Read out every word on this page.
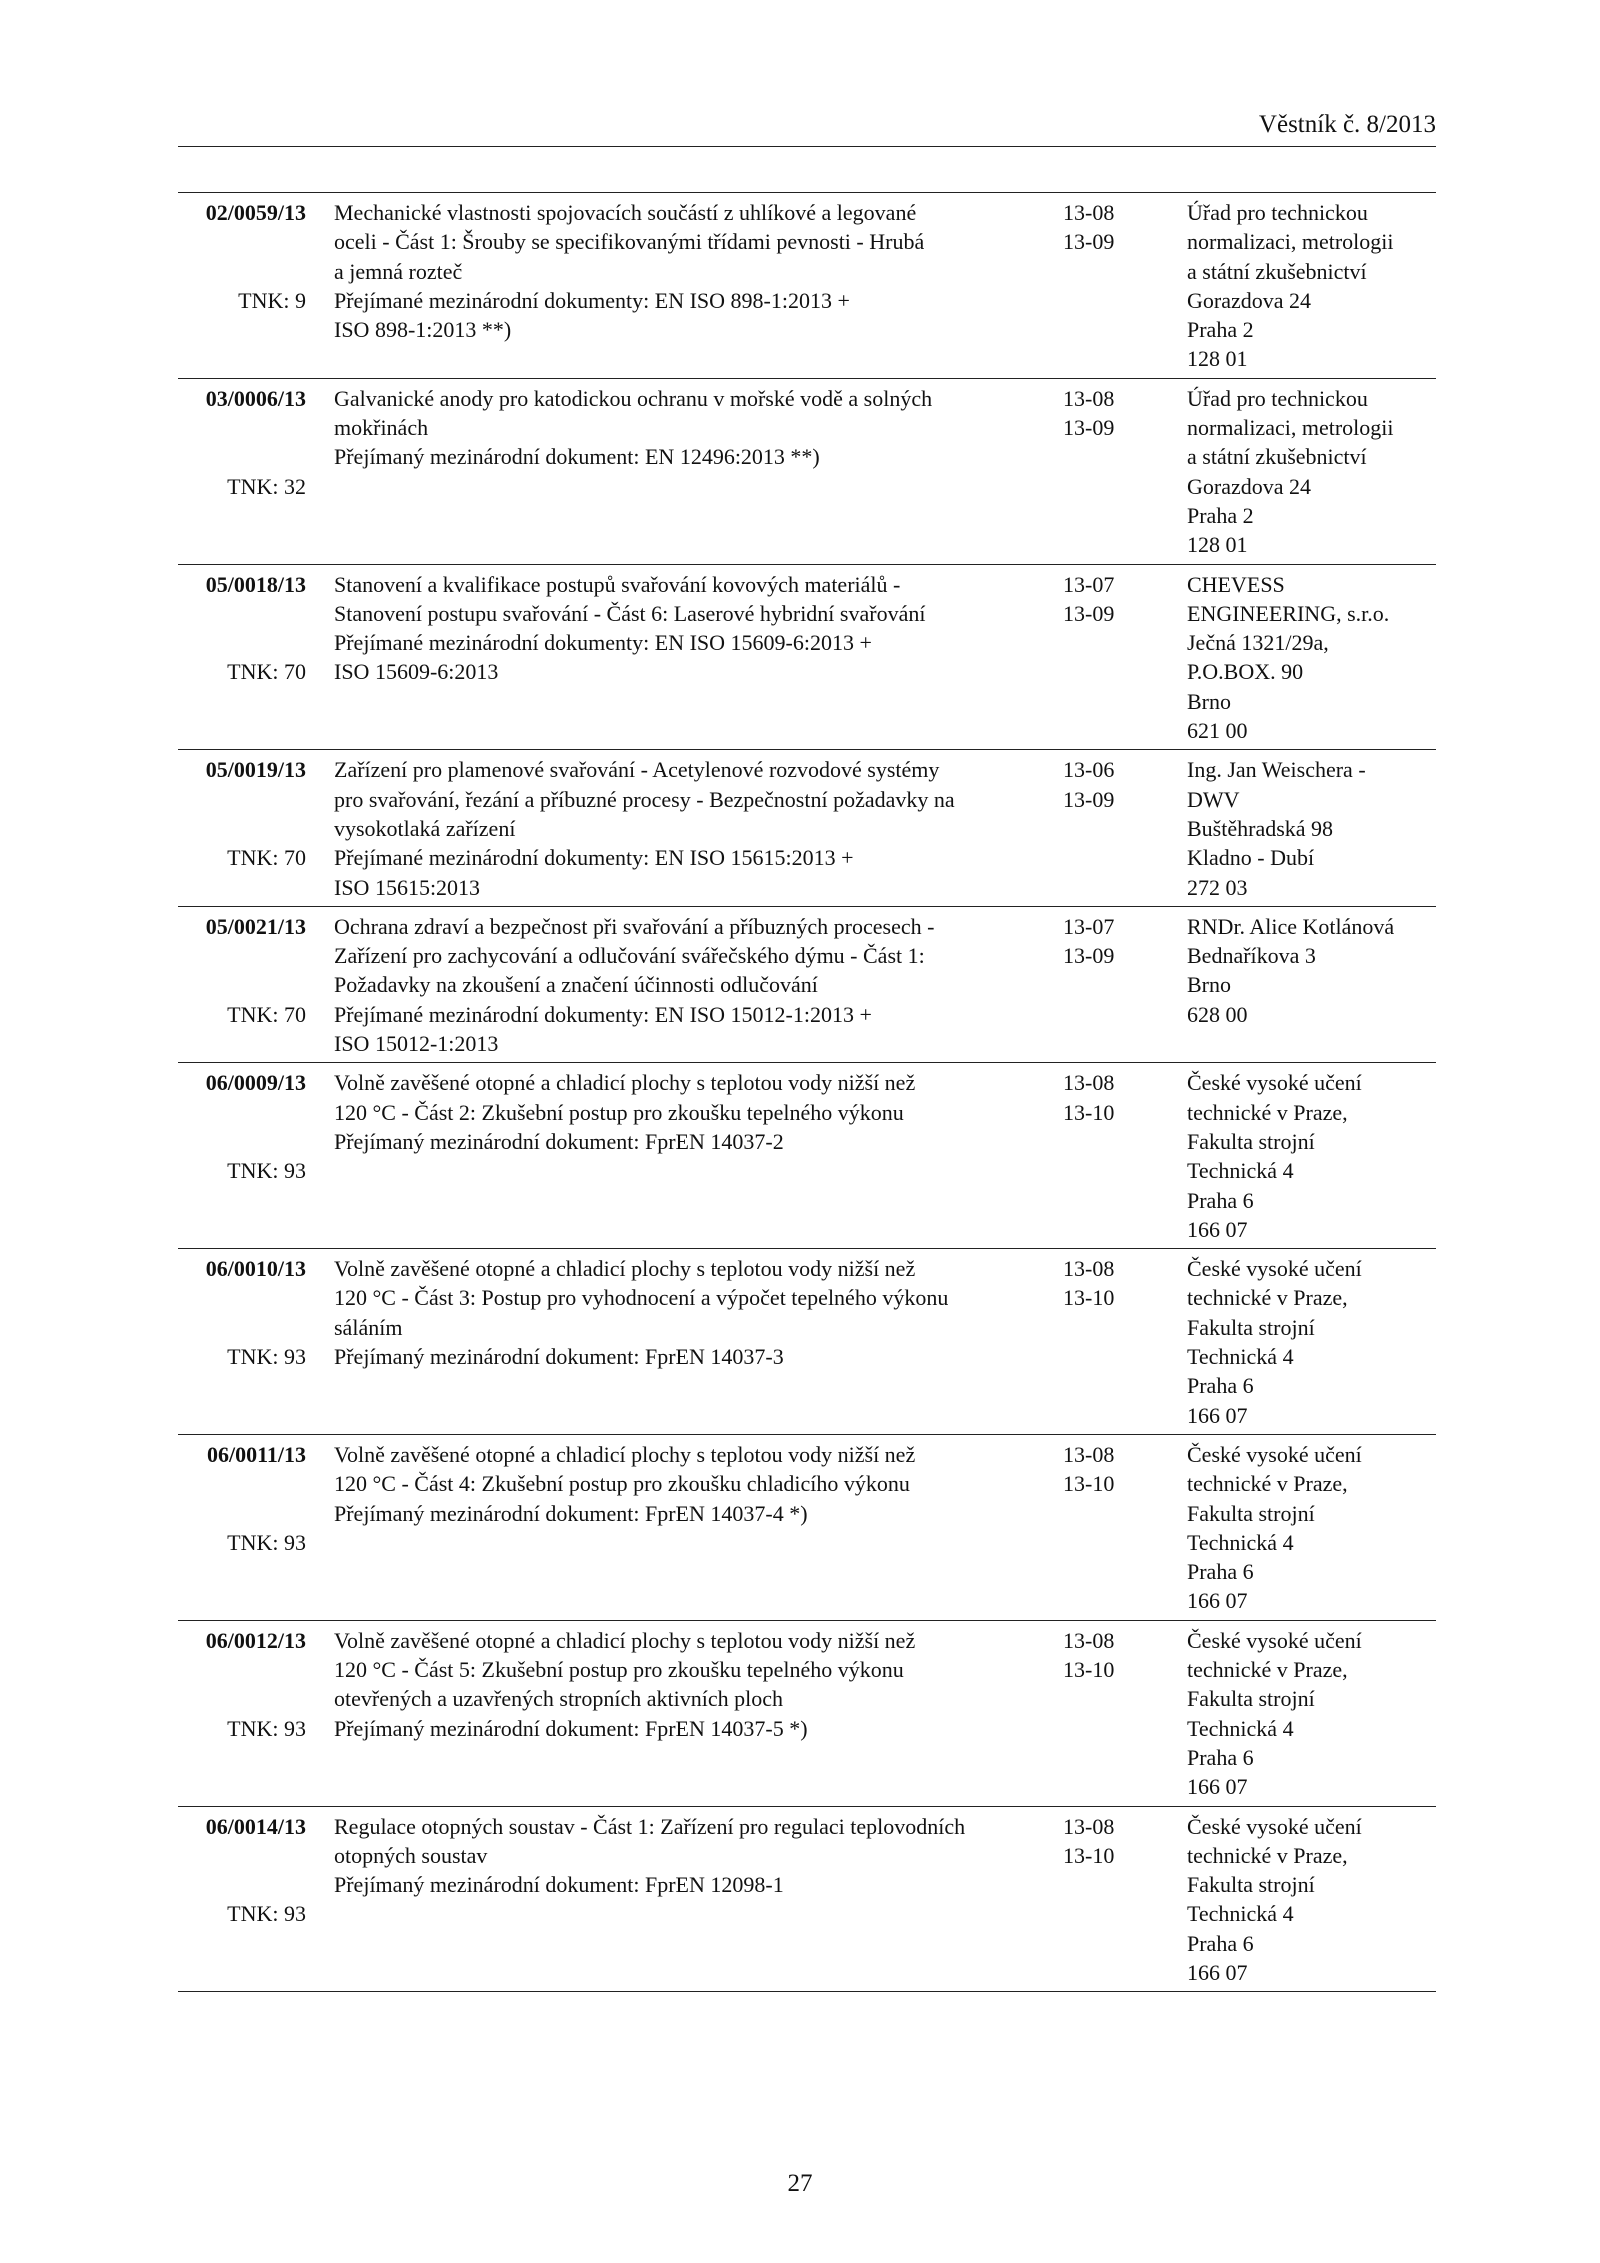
Věstník č. 8/2013
02/0059/13
TNK: 9
Mechanické vlastnosti spojovacích součástí z uhlíkové a legované
oceli - Část 1: Šrouby se specifikovanými třídami pevnosti - Hrubá
a jemná rozteč
Přejímané mezinárodní dokumenty: EN ISO 898-1:2013 +
ISO 898-1:2013 **)
13-08
13-09
Úřad pro technickou
normalizaci, metrologii
a státní zkušebnictví
Gorazdova 24
Praha 2
128 01
03/0006/13
TNK: 32
Galvanické anody pro katodickou ochranu v mořské vodě a solných
mokřinách
Přejímaný mezinárodní dokument: EN 12496:2013 **)
13-08
13-09
Úřad pro technickou
normalizaci, metrologii
a státní zkušebnictví
Gorazdova 24
Praha 2
128 01
05/0018/13
TNK: 70
Stanovení a kvalifikace postupů svařování kovových materiálů -
Stanovení postupu svařování - Část 6: Laserové hybridní svařování
Přejímané mezinárodní dokumenty: EN ISO 15609-6:2013 +
ISO 15609-6:2013
13-07
13-09
CHEVESS
ENGINEERING, s.r.o.
Ječná 1321/29a,
P.O.BOX. 90
Brno
621 00
05/0019/13
TNK: 70
Zařízení pro plamenové svařování - Acetylenové rozvodové systémy
pro svařování, řezání a příbuzné procesy - Bezpečnostní požadavky na
vysokotlaká zařízení
Přejímané mezinárodní dokumenty: EN ISO 15615:2013 +
ISO 15615:2013
13-06
13-09
Ing. Jan Weischera -
DWV
Buštěhradská 98
Kladno - Dubí
272 03
05/0021/13
TNK: 70
Ochrana zdraví a bezpečnost při svařování a příbuzných procesech -
Zařízení pro zachycování a odlučování svářečského dýmu - Část 1:
Požadavky na zkoušení a značení účinnosti odlučování
Přejímané mezinárodní dokumenty: EN ISO 15012-1:2013 +
ISO 15012-1:2013
13-07
13-09
RNDr. Alice Kotlánová
Bednaříkova 3
Brno
628 00
06/0009/13
TNK: 93
Volně zavěšené otopné a chladicí plochy s teplotou vody nižší než
120 °C - Část 2: Zkušební postup pro zkoušku tepelného výkonu
Přejímaný mezinárodní dokument: FprEN 14037-2
13-08
13-10
České vysoké učení
technické v Praze,
Fakulta strojní
Technická 4
Praha 6
166 07
06/0010/13
TNK: 93
Volně zavěšené otopné a chladicí plochy s teplotou vody nižší než
120 °C - Část 3: Postup pro vyhodnocení a výpočet tepelného výkonu
sáláním
Přejímaný mezinárodní dokument: FprEN 14037-3
13-08
13-10
České vysoké učení
technické v Praze,
Fakulta strojní
Technická 4
Praha 6
166 07
06/0011/13
TNK: 93
Volně zavěšené otopné a chladicí plochy s teplotou vody nižší než
120 °C - Část 4: Zkušební postup pro zkoušku chladicího výkonu
Přejímaný mezinárodní dokument: FprEN 14037-4 *)
13-08
13-10
České vysoké učení
technické v Praze,
Fakulta strojní
Technická 4
Praha 6
166 07
06/0012/13
TNK: 93
Volně zavěšené otopné a chladicí plochy s teplotou vody nižší než
120 °C - Část 5: Zkušební postup pro zkoušku tepelného výkonu
otevřených a uzavřených stropních aktivních ploch
Přejímaný mezinárodní dokument: FprEN 14037-5 *)
13-08
13-10
České vysoké učení
technické v Praze,
Fakulta strojní
Technická 4
Praha 6
166 07
06/0014/13
TNK: 93
Regulace otopných soustav - Část 1: Zařízení pro regulaci teplovodních
otopných soustav
Přejímaný mezinárodní dokument: FprEN 12098-1
13-08
13-10
České vysoké učení
technické v Praze,
Fakulta strojní
Technická 4
Praha 6
166 07
27
